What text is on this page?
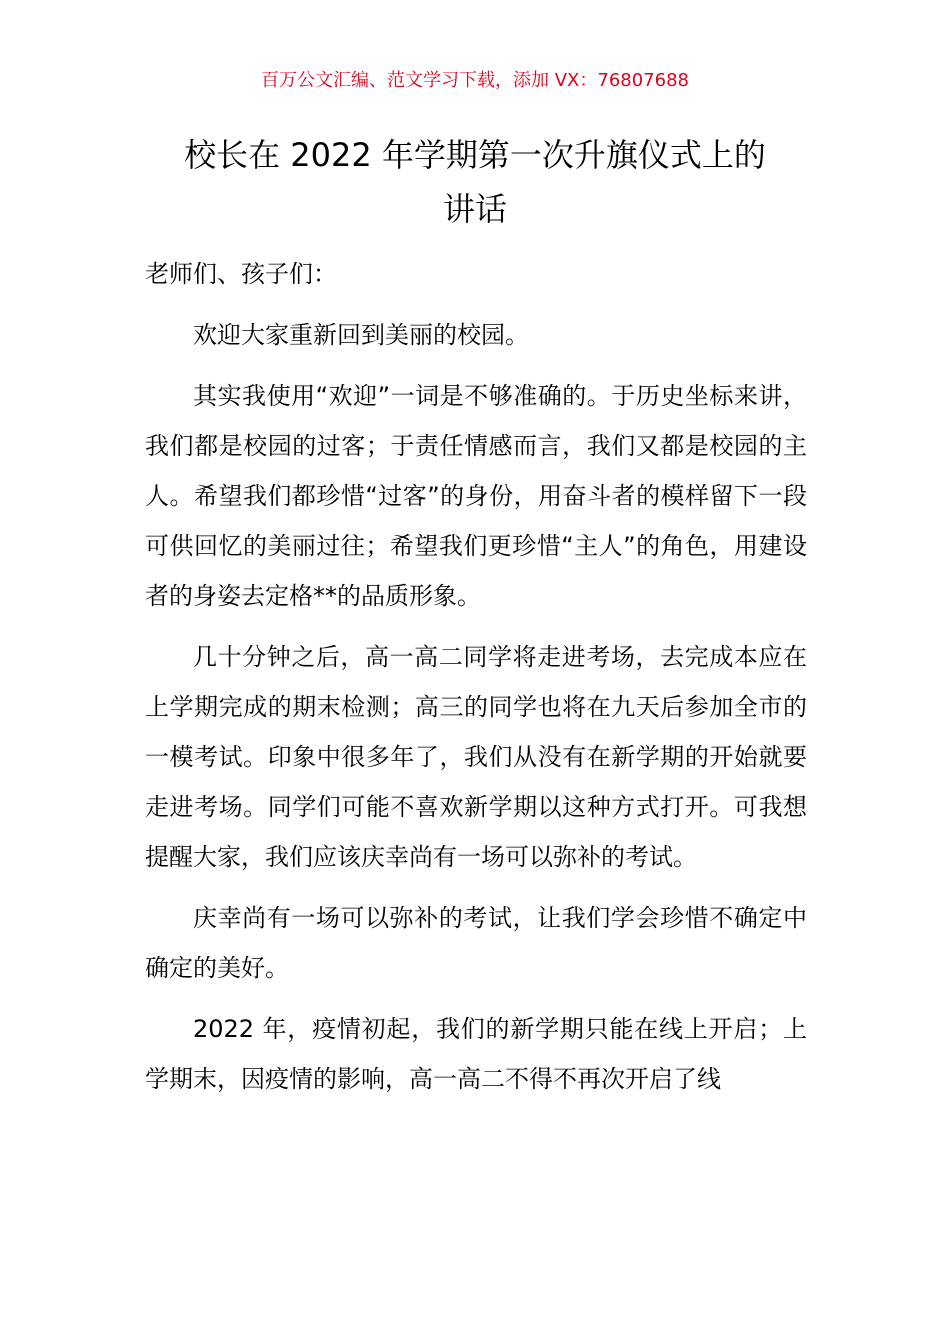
百万公文汇编、范文学习下载，添加 VX：76807688
校长在 2022 年学期第一次升旗仪式上的
讲话

老师们、孩子们：

欢迎大家重新回到美丽的校园。

其实我使用“欢迎”一词是不够准确的。于历史坐标来讲，我们都是校园的过客；于责任情感而言，我们又都是校园的主人。希望我们都珍惜“过客”的身份，用奋斗者的模样留下一段可供回忆的美丽过往；希望我们更珍惜“主人”的角色，用建设者的身姿去定格**的品质形象。

几十分钟之后，高一高二同学将走进考场，去完成本应在上学期完成的期末检测；高三的同学也将在九天后参加全市的一模考试。印象中很多年了，我们从没有在新学期的开始就要走进考场。同学们可能不喜欢新学期以这种方式打开。可我想提醒大家，我们应该庆幸尚有一场可以弥补的考试。

庆幸尚有一场可以弥补的考试，让我们学会珍惜不确定中确定的美好。

2022 年，疫情初起，我们的新学期只能在线上开启；上学期末，因疫情的影响，高一高二不得不再次开启了线
